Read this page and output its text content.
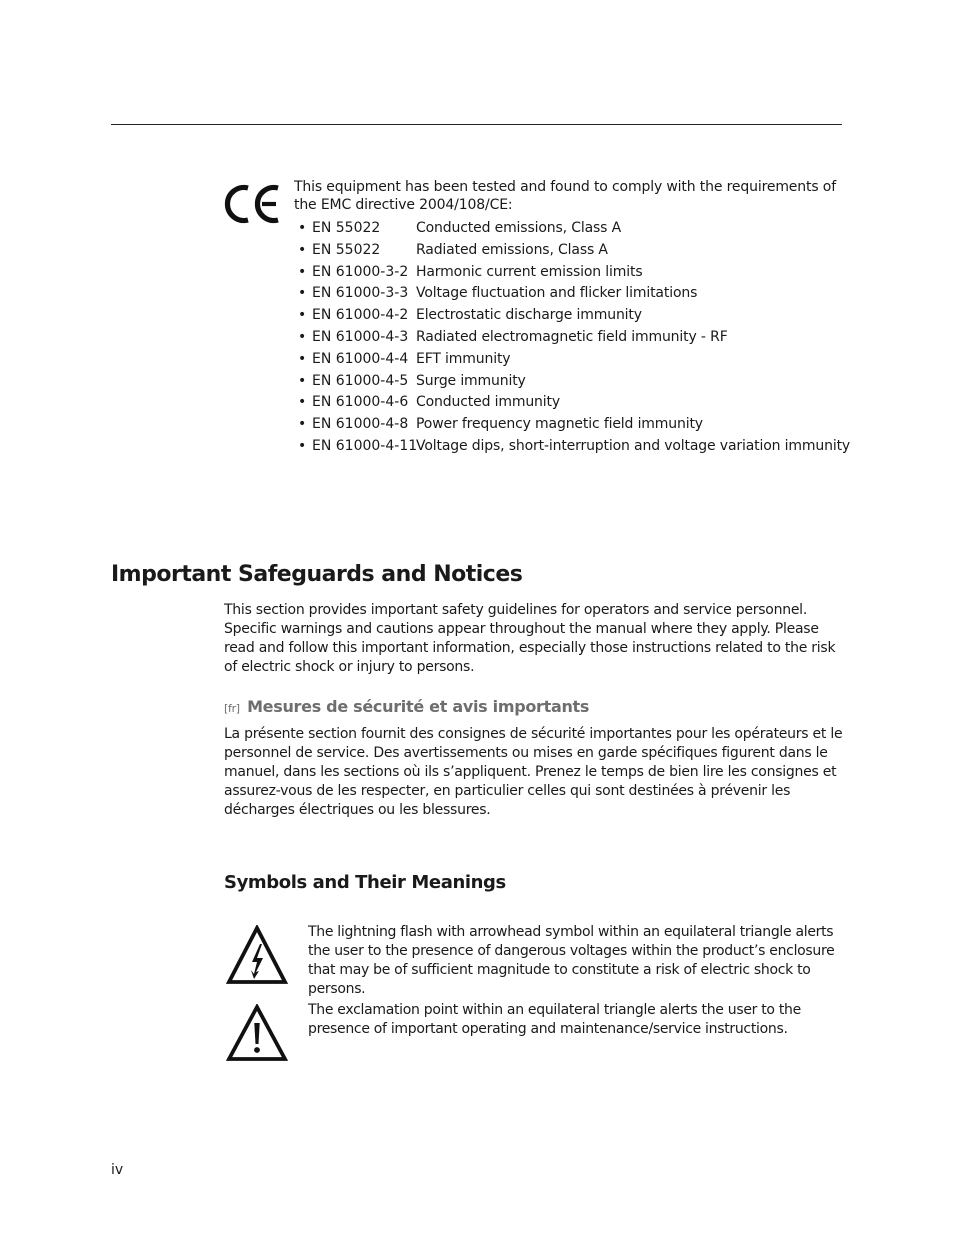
This equipment has been tested and found to comply with the requirements of the EMC directive 2004/108/CE:

• EN 55022	Conducted emissions, Class A
• EN 55022	Radiated emissions, Class A
• EN 61000-3-2 Harmonic current emission limits
• EN 61000-3-3 Voltage fluctuation and flicker limitations
• EN 61000-4-2 Electrostatic discharge immunity
• EN 61000-4-3 Radiated electromagnetic field immunity - RF
• EN 61000-4-4 EFT immunity
• EN 61000-4-5 Surge immunity
• EN 61000-4-6 Conducted immunity
• EN 61000-4-8 Power frequency magnetic field immunity
• EN 61000-4-11
Voltage dips, short-interruption and voltage variation immunity
Important Safeguards and Notices

This section provides important safety guidelines for operators and service personnel. Specific warnings and cautions appear throughout the manual where they apply. Please read and follow this important information, especially those instructions related to the risk of electric shock or injury to persons.

[fr] Mesures de sécurité et avis importants

La présente section fournit des consignes de sécurité importantes pour les opérateurs et le personnel de service. Des avertissements ou mises en garde spécifiques figurent dans le manuel, dans les sections où ils s’appliquent. Prenez le temps de bien lire les consignes et assurez-vous de les respecter, en particulier celles qui sont destinées à prévenir les décharges électriques ou les blessures.

Symbols and Their Meanings

The lightning flash with arrowhead symbol within an equilateral triangle alerts the user to the presence of dangerous voltages within the product’s enclosure that may be of sufficient magnitude to constitute a risk of electric shock to persons.

The exclamation point within an equilateral triangle alerts the user to the presence of important operating and maintenance/service instructions.

iv
